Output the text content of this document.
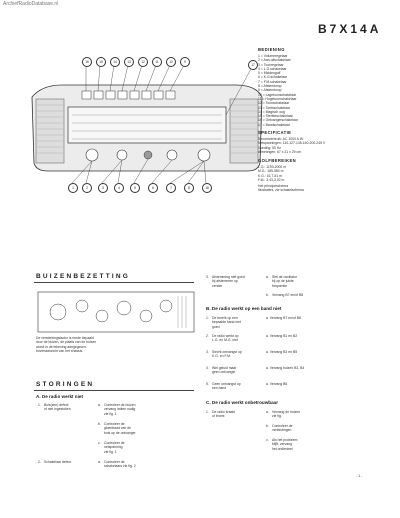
ArchiefRadioDatabase.nl
B7X14A
16	15	14	13	12	11	10	9
17
1	2	3	4	5	6	7	8	18
BEDIENING
1 = Volumeregelaar
2 = Aan-uitschakelaar
3 = Toonregelaar
4 = L.G.schakelaar
5 = Middengolf
6 = K.G.schakelaar
7 = F.M.schakelaar
8 = Afstemknop
9 = Afstemknop
10 = Lagetoonschakelaar
11 = Hogetoonschakelaar
12 = Toonschakelaar
13 = Toetsschakelaar
14 = Magisch oog
15 = Sterkteschakelaar
16 = Ontvangerschakelaar
17 = Bandschakelaar
SPECIFICATIE
Stroomverbruik: AC 1000 A.W.
Netspanningen: 110-127-145-160-200-245 V
Voeding: 50 Hz
Afmetingen: 67 x 21 x 29 cm
GOLFBEREIKEN
L.G.: 1190-2000 m
M.G.: 185-580 m
K.G.: 16,7-51 m
F.M.: 3,43-3,02 m
Het principeschema
Illustraties, zie schakelschema
BUIZENBEZETTING
De versterkingsfactor is mede bepaald
door de buizen, de plaats van de buizen
wordt in de tekening aangegeven.
bovenaanzicht van het chassis.
STORINGEN
A. De radio werkt niet
1. Buis(zen) defect
of niet ingestoken
a. Controleer de buizen
vervang indien nodig
zie fig. 1
b. Controleer de
gloeidraad van de
buis op de ontvanger
c. Controleer de
netspanning
zie fig. 1
2. Schakelaar defect	a. Controleer de
schakelaars zie fig. 2
3. Afstemming niet goed
bij afstemmen op
zender
a. Stel de oscillator
bij op de juiste
frequentie
b. Vervang B7 en/of B8
B. De radio werkt op een band niet
1. De bereik op een
bepaalde band niet
goed
a. Vervang B7 en/of B8
2. De radio werkt op
L.G. en M.G. niet
a. Vervang B1 en B2
3. Slecht ontvangst op
K.G. en F.M.
a. Vervang B3 en B5
4. Wel geluid maar
geen ontvangst
a. Vervang buizen B3, B4
5. Geen ontvangst op
een band
a. Vervang B6
C. De radio werkt onbetrouwbaar
1. De radio kraakt
of bromt
a. Vervang de buizen
zie fig.
b. Controleer de
verbindingen
c. Als het probleem
blijft, vervang
het onderdeel
- 1 -
